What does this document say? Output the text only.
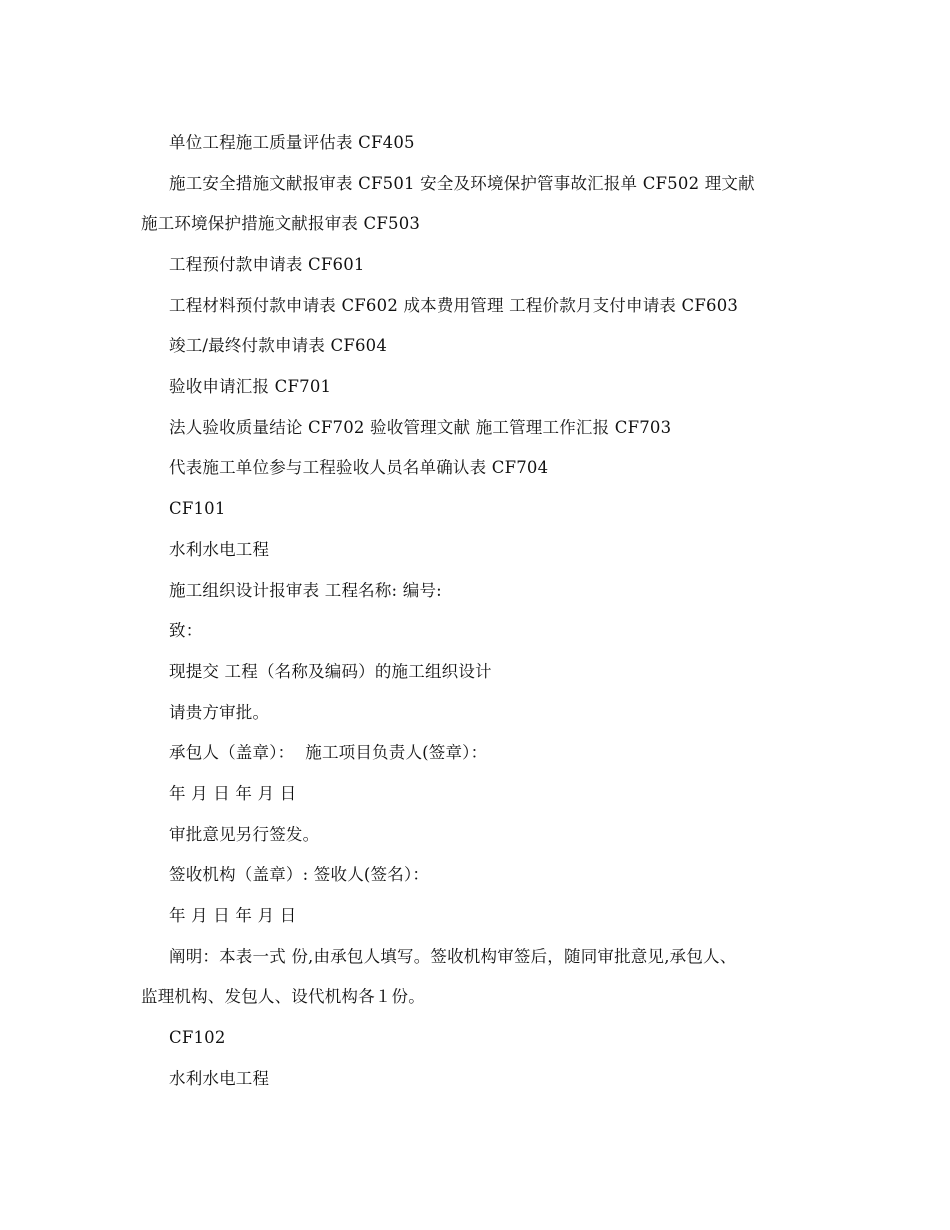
单位工程施工质量评估表 CF405
施工安全措施文献报审表 CF501 安全及环境保护管事故汇报单 CF502 理文献
施工环境保护措施文献报审表 CF503
工程预付款申请表 CF601
工程材料预付款申请表 CF602 成本费用管理 工程价款月支付申请表 CF603
竣工/最终付款申请表 CF604
验收申请汇报 CF701
法人验收质量结论 CF702 验收管理文献 施工管理工作汇报 CF703
代表施工单位参与工程验收人员名单确认表 CF704
CF101
水利水电工程
施工组织设计报审表 工程名称: 编号:
致：
现提交 工程（名称及编码）的施工组织设计
请贵方审批。
承包人（盖章）：  施工项目负责人(签章）：
年 月 日 年 月 日
审批意见另行签发。
签收机构（盖章）: 签收人(签名）：
年 月 日 年 月 日
阐明：本表一式 份,由承包人填写。签收机构审签后，随同审批意见,承包人、
监理机构、发包人、设代机构各１份。
CF102
水利水电工程
